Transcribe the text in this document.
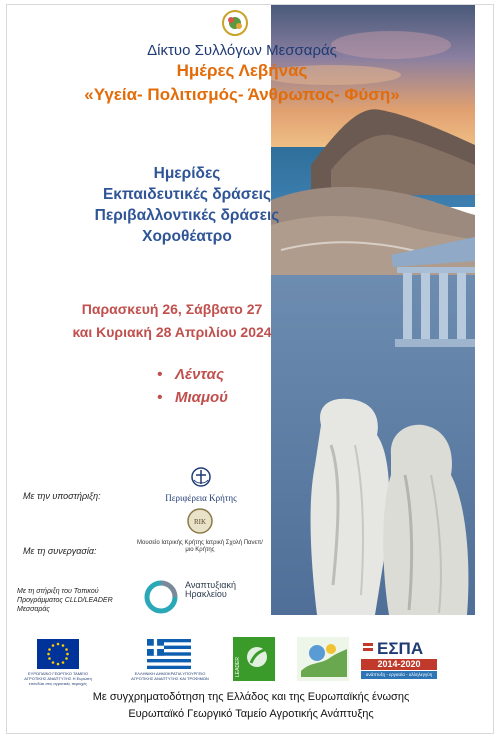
Δίκτυο Συλλόγων Μεσσαράς

Ημέρες Λεβήνας

«Υγεία- Πολιτισμός- Άνθρωπος- Φύση»

Ημερίδες
Εκπαιδευτικές δράσεις
Περιβαλλοντικές δράσεις
Χοροθέατρο
Παρασκευή 26, Σάββατο 27
και Κυριακή 28 Απριλίου 2024
• Λέντας
• Μιαμού
Με την υποστήριξη:	Περιφέρεια Κρήτης
Με τη συνεργασία:
RIK
Μουσείο Ιατρικής Κρήτης Ιατρική Σχολή Πανεπ/μιο Κρήτης
Με τη στήριξη του Τοπικού Προγράμματος CLLD/LEADER Μεσσαράς
Αναπτυξιακή Ηρακλείου
ΕΥΡΩΠΑΪΚΟ ΓΕΩΡΓΙΚΟ ΤΑΜΕΙΟ ΑΓΡΟΤΙΚΗΣ ΑΝΑΠΤΥΞΗΣ Η Ευρώπη επενδύει στις αγροτικές περιοχές
ΕΛΛΗΝΙΚΗ ΔΗΜΟΚΡΑΤΙΑ ΥΠΟΥΡΓΕΙΟ ΑΓΡΟΤΙΚΗΣ ΑΝΑΠΤΥΞΗΣ ΚΑΙ ΤΡΟΦΙΜΩΝ
LEADER
ΕΣΠΑ
2014-2020
ανάπτυξη - εργασία - αλληλεγγύη
Με συγχρηματοδότηση της Ελλάδος και της Ευρωπαϊκής ένωσης
Ευρωπαϊκό Γεωργικό Ταμείο Αγροτικής Ανάπτυξης
